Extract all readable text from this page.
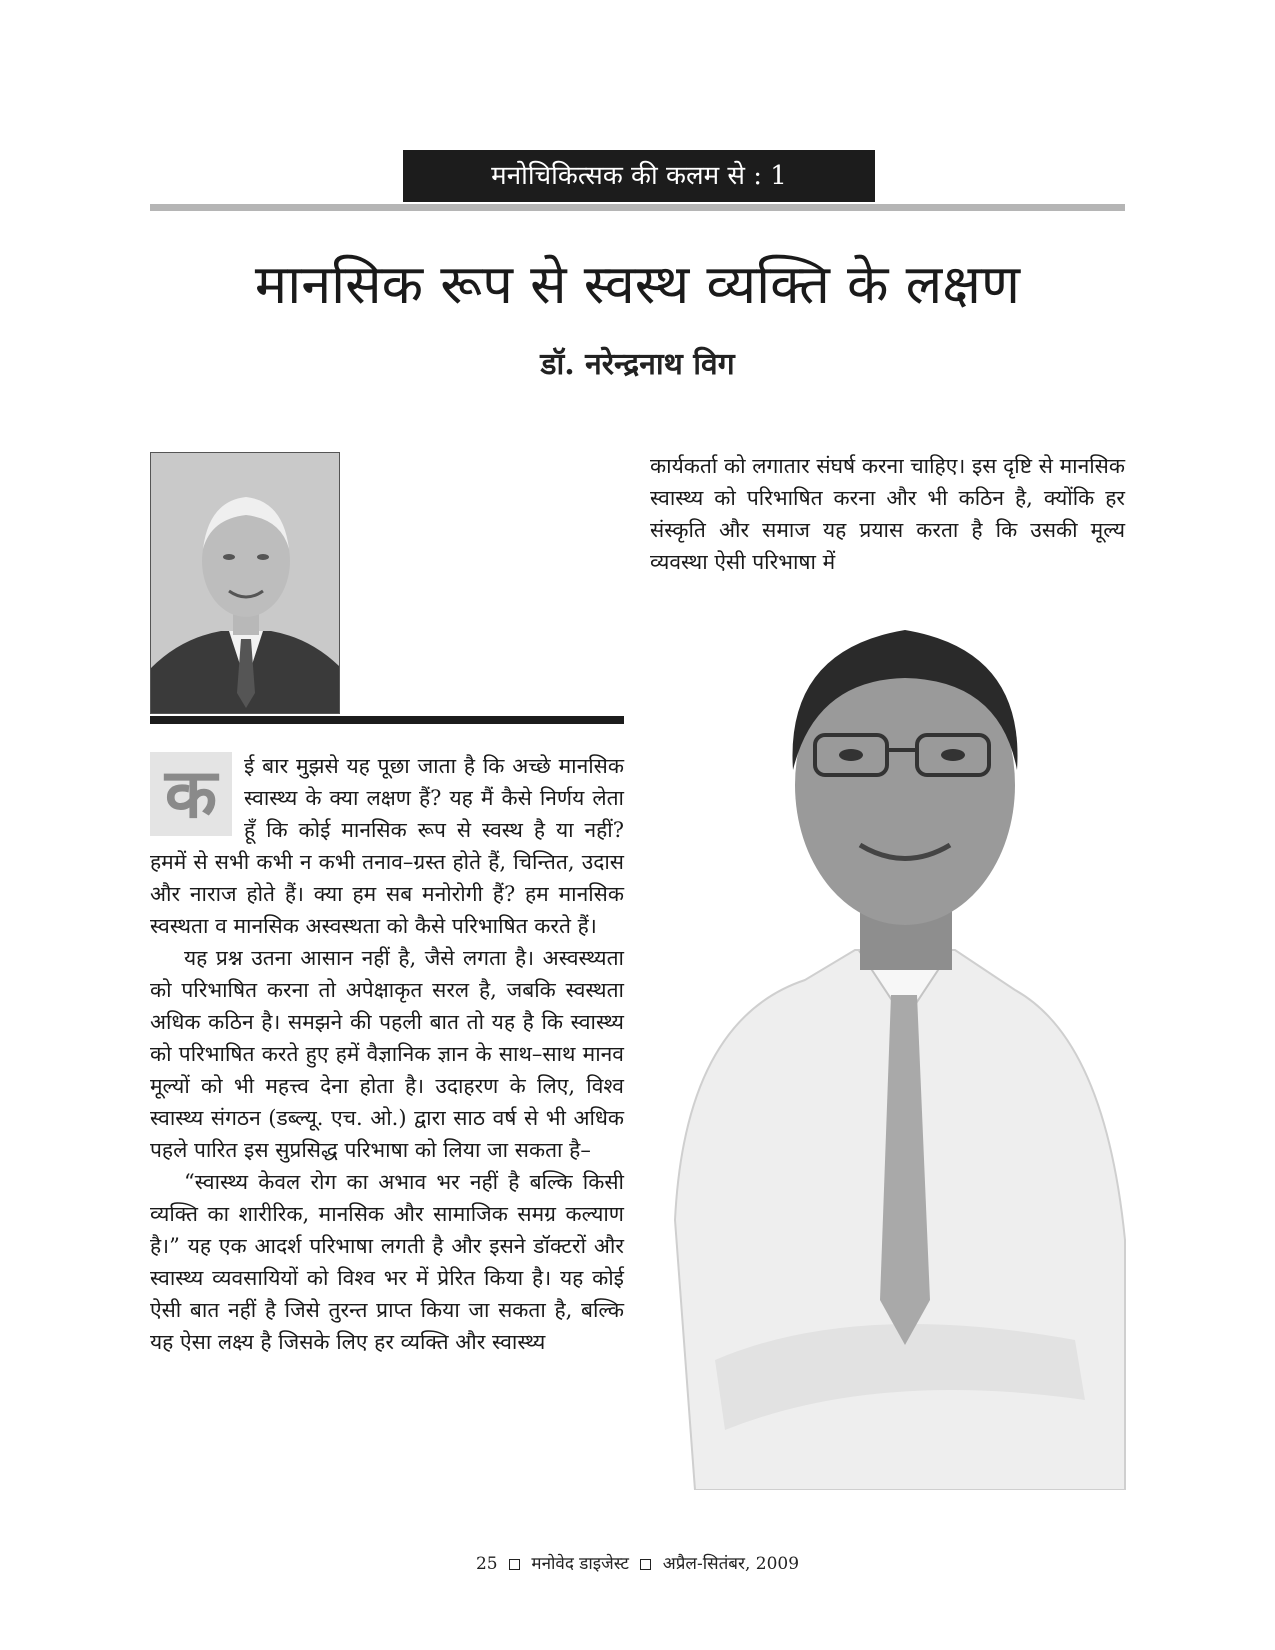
मनोचिकित्सक की कलम से : 1
मानसिक रूप से स्वस्थ व्यक्ति के लक्षण
डॉ. नरेन्द्रनाथ विग

क	ई बार मुझसे यह पूछा जाता है कि अच्छे मानसिक स्वास्थ्य के क्या लक्षण हैं? यह मैं कैसे निर्णय लेता हूँ कि कोई मानसिक रूप से स्वस्थ है या नहीं? हममें से सभी कभी न कभी तनाव–ग्रस्त होते हैं, चिन्तित, उदास और नाराज होते हैं। क्या हम सब मनोरोगी हैं? हम मानसिक स्वस्थता व मानसिक अस्वस्थता को कैसे परिभाषित करते हैं।

यह प्रश्न उतना आसान नहीं है, जैसे लगता है। अस्वस्थ्यता को परिभाषित करना तो अपेक्षाकृत सरल है, जबकि स्वस्थता अधिक कठिन है। समझने की पहली बात तो यह है कि स्वास्थ्य को परिभाषित करते हुए हमें वैज्ञानिक ज्ञान के साथ–साथ मानव मूल्यों को भी महत्त्व देना होता है। उदाहरण के लिए, विश्व स्वास्थ्य संगठन (डब्ल्यू. एच. ओ.) द्वारा साठ वर्ष से भी अधिक पहले पारित इस सुप्रसिद्ध परिभाषा को लिया जा सकता है–

“स्वास्थ्य केवल रोग का अभाव भर नहीं है बल्कि किसी व्यक्ति का शारीरिक, मानसिक और सामाजिक समग्र कल्याण है।” यह एक आदर्श परिभाषा लगती है और इसने डॉक्टरों और स्वास्थ्य व्यवसायियों को विश्व भर में प्रेरित किया है। यह कोई ऐसी बात नहीं है जिसे तुरन्त प्राप्त किया जा सकता है, बल्कि यह ऐसा लक्ष्य है जिसके लिए हर व्यक्ति और स्वास्थ्य

कार्यकर्ता को लगातार संघर्ष करना चाहिए। इस दृष्टि से मानसिक स्वास्थ्य को परिभाषित करना और भी कठिन है, क्योंकि हर संस्कृति और समाज यह प्रयास करता है कि उसकी मूल्य व्यवस्था ऐसी परिभाषा में

25 मनोवेद डाइजेस्ट अप्रैल-सितंबर, 2009
